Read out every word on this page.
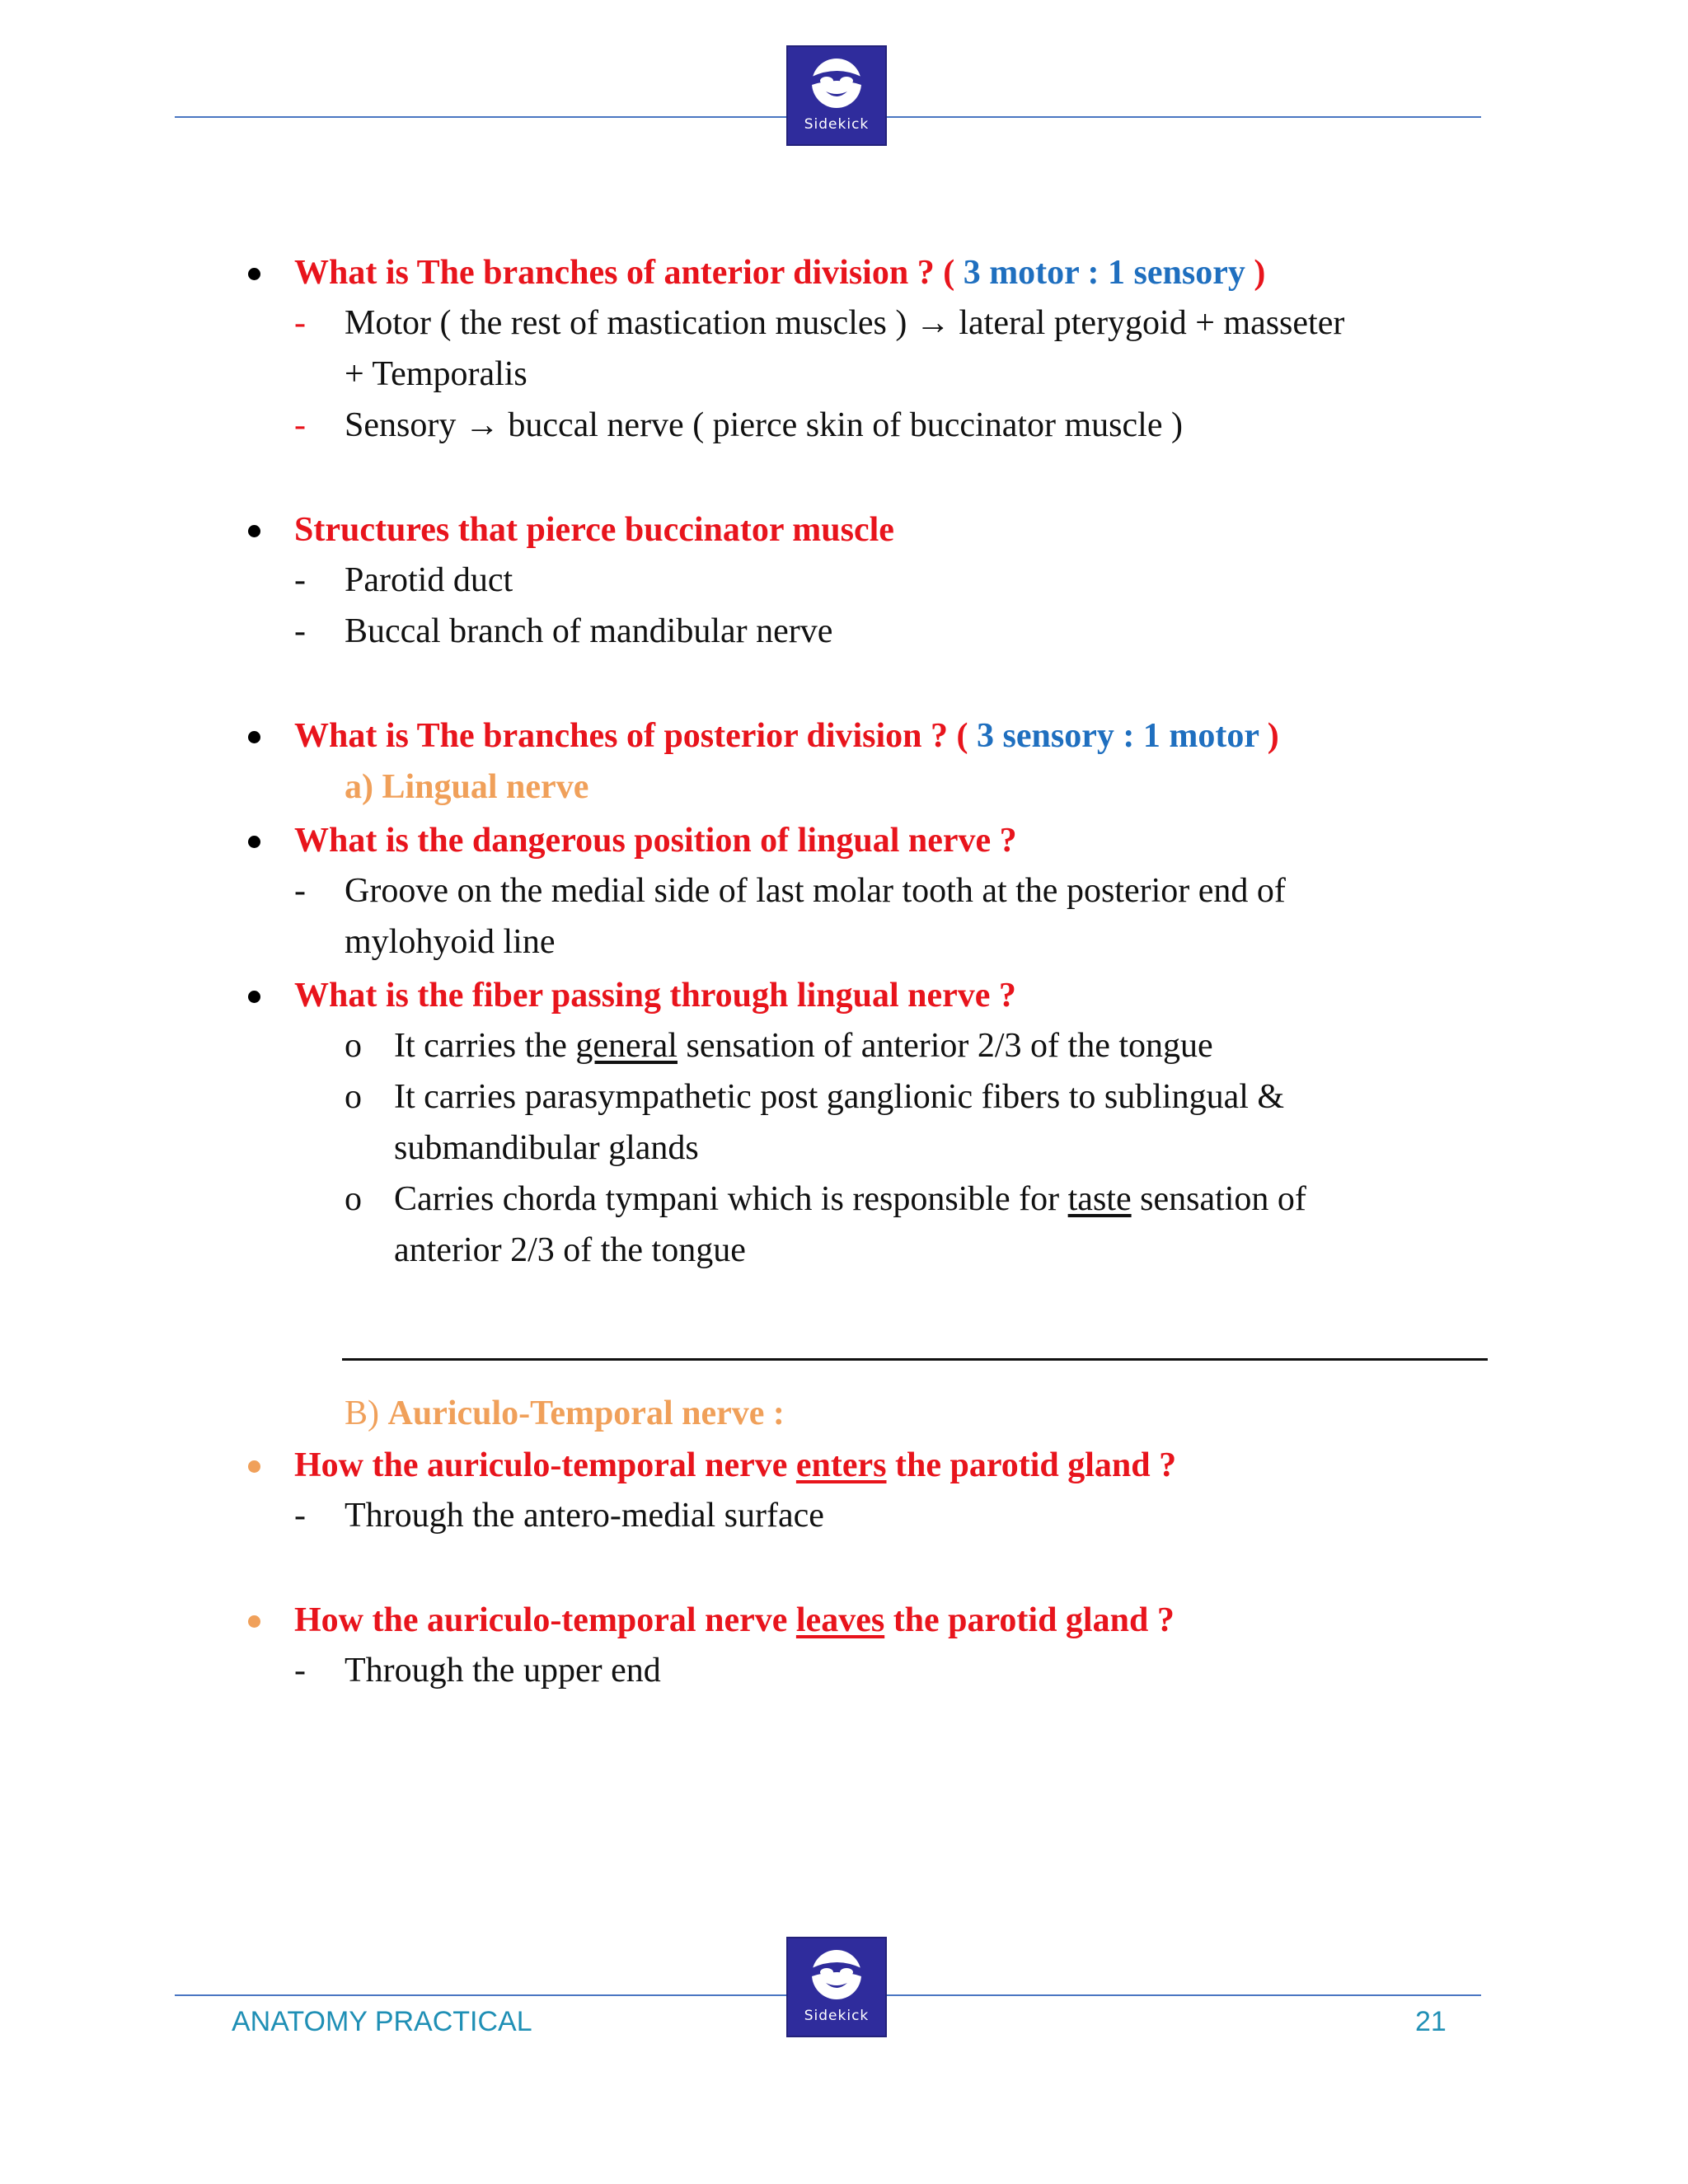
Sidekick
What is The branches of anterior division ? ( 3 motor : 1 sensory )
- Motor ( the rest of mastication muscles ) → lateral pterygoid + masseter
+ Temporalis
- Sensory → buccal nerve ( pierce skin of buccinator muscle )
Structures that pierce buccinator muscle
- Parotid duct
- Buccal branch of mandibular nerve
What is The branches of posterior division ? ( 3 sensory : 1 motor )
a) Lingual nerve
What is the dangerous position of lingual nerve ?
- Groove on the medial side of last molar tooth at the posterior end of
mylohyoid line
What is the fiber passing through lingual nerve ?
o It carries the general sensation of anterior 2/3 of the tongue
o It carries parasympathetic post ganglionic fibers to sublingual &
submandibular glands
o Carries chorda tympani which is responsible for taste sensation of
anterior 2/3 of the tongue
B) Auriculo-Temporal nerve :
How the auriculo-temporal nerve enters the parotid gland ?
- Through the antero-medial surface
How the auriculo-temporal nerve leaves the parotid gland ?
- Through the upper end
Sidekick
ANATOMY PRACTICAL	21
